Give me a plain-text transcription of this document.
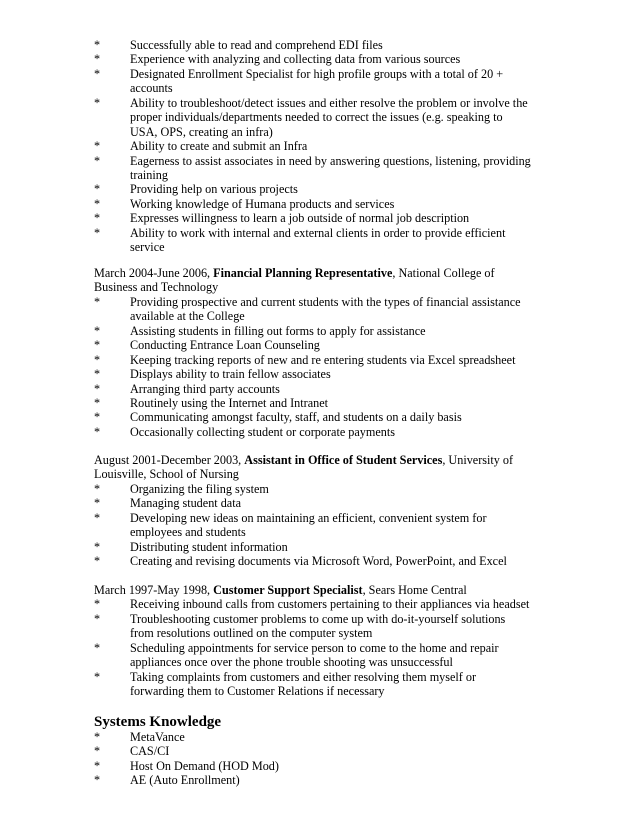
*	Successfully able to read and comprehend EDI files
*	Experience with analyzing and collecting data from various sources
*	Designated Enrollment Specialist for high profile groups with a total of 20 +
accounts
*	Ability to troubleshoot/detect issues and either resolve the problem or involve the
proper individuals/departments needed to correct the issues (e.g. speaking to
USA, OPS, creating an infra)
*	Ability to create and submit an Infra
*	Eagerness to assist associates in need by answering questions, listening, providing
training
*	Providing help on various projects
*	Working knowledge of Humana products and services
*	Expresses willingness to learn a job outside of normal job description
*	Ability to work with internal and external clients in order to provide efficient
service
March 2004-June 2006, Financial Planning Representative, National College of
Business and Technology
*	Providing prospective and current students with the types of financial assistance
available at the College
*	Assisting students in filling out forms to apply for assistance
*	Conducting Entrance Loan Counseling
*	Keeping tracking reports of new and re entering students via Excel spreadsheet
*	Displays ability to train fellow associates
*	Arranging third party accounts
*	Routinely using the Internet and Intranet
*	Communicating amongst faculty, staff, and students on a daily basis
*	Occasionally collecting student or corporate payments
August 2001-December 2003, Assistant in Office of Student Services, University of
Louisville, School of Nursing
*	Organizing the filing system
*	Managing student data
*	Developing new ideas on maintaining an efficient, convenient system for
employees and students
*	Distributing student information
*	Creating and revising documents via Microsoft Word, PowerPoint, and Excel
March 1997-May 1998, Customer Support Specialist, Sears Home Central
*	Receiving inbound calls from customers pertaining to their appliances via headset
*	Troubleshooting customer problems to come up with do-it-yourself solutions
from resolutions outlined on the computer system
*	Scheduling appointments for service person to come to the home and repair
appliances once over the phone trouble shooting was unsuccessful
*	Taking complaints from customers and either resolving them myself or
forwarding them to Customer Relations if necessary
Systems Knowledge
*	MetaVance
*	CAS/CI
*	Host On Demand (HOD Mod)
*	AE (Auto Enrollment)
